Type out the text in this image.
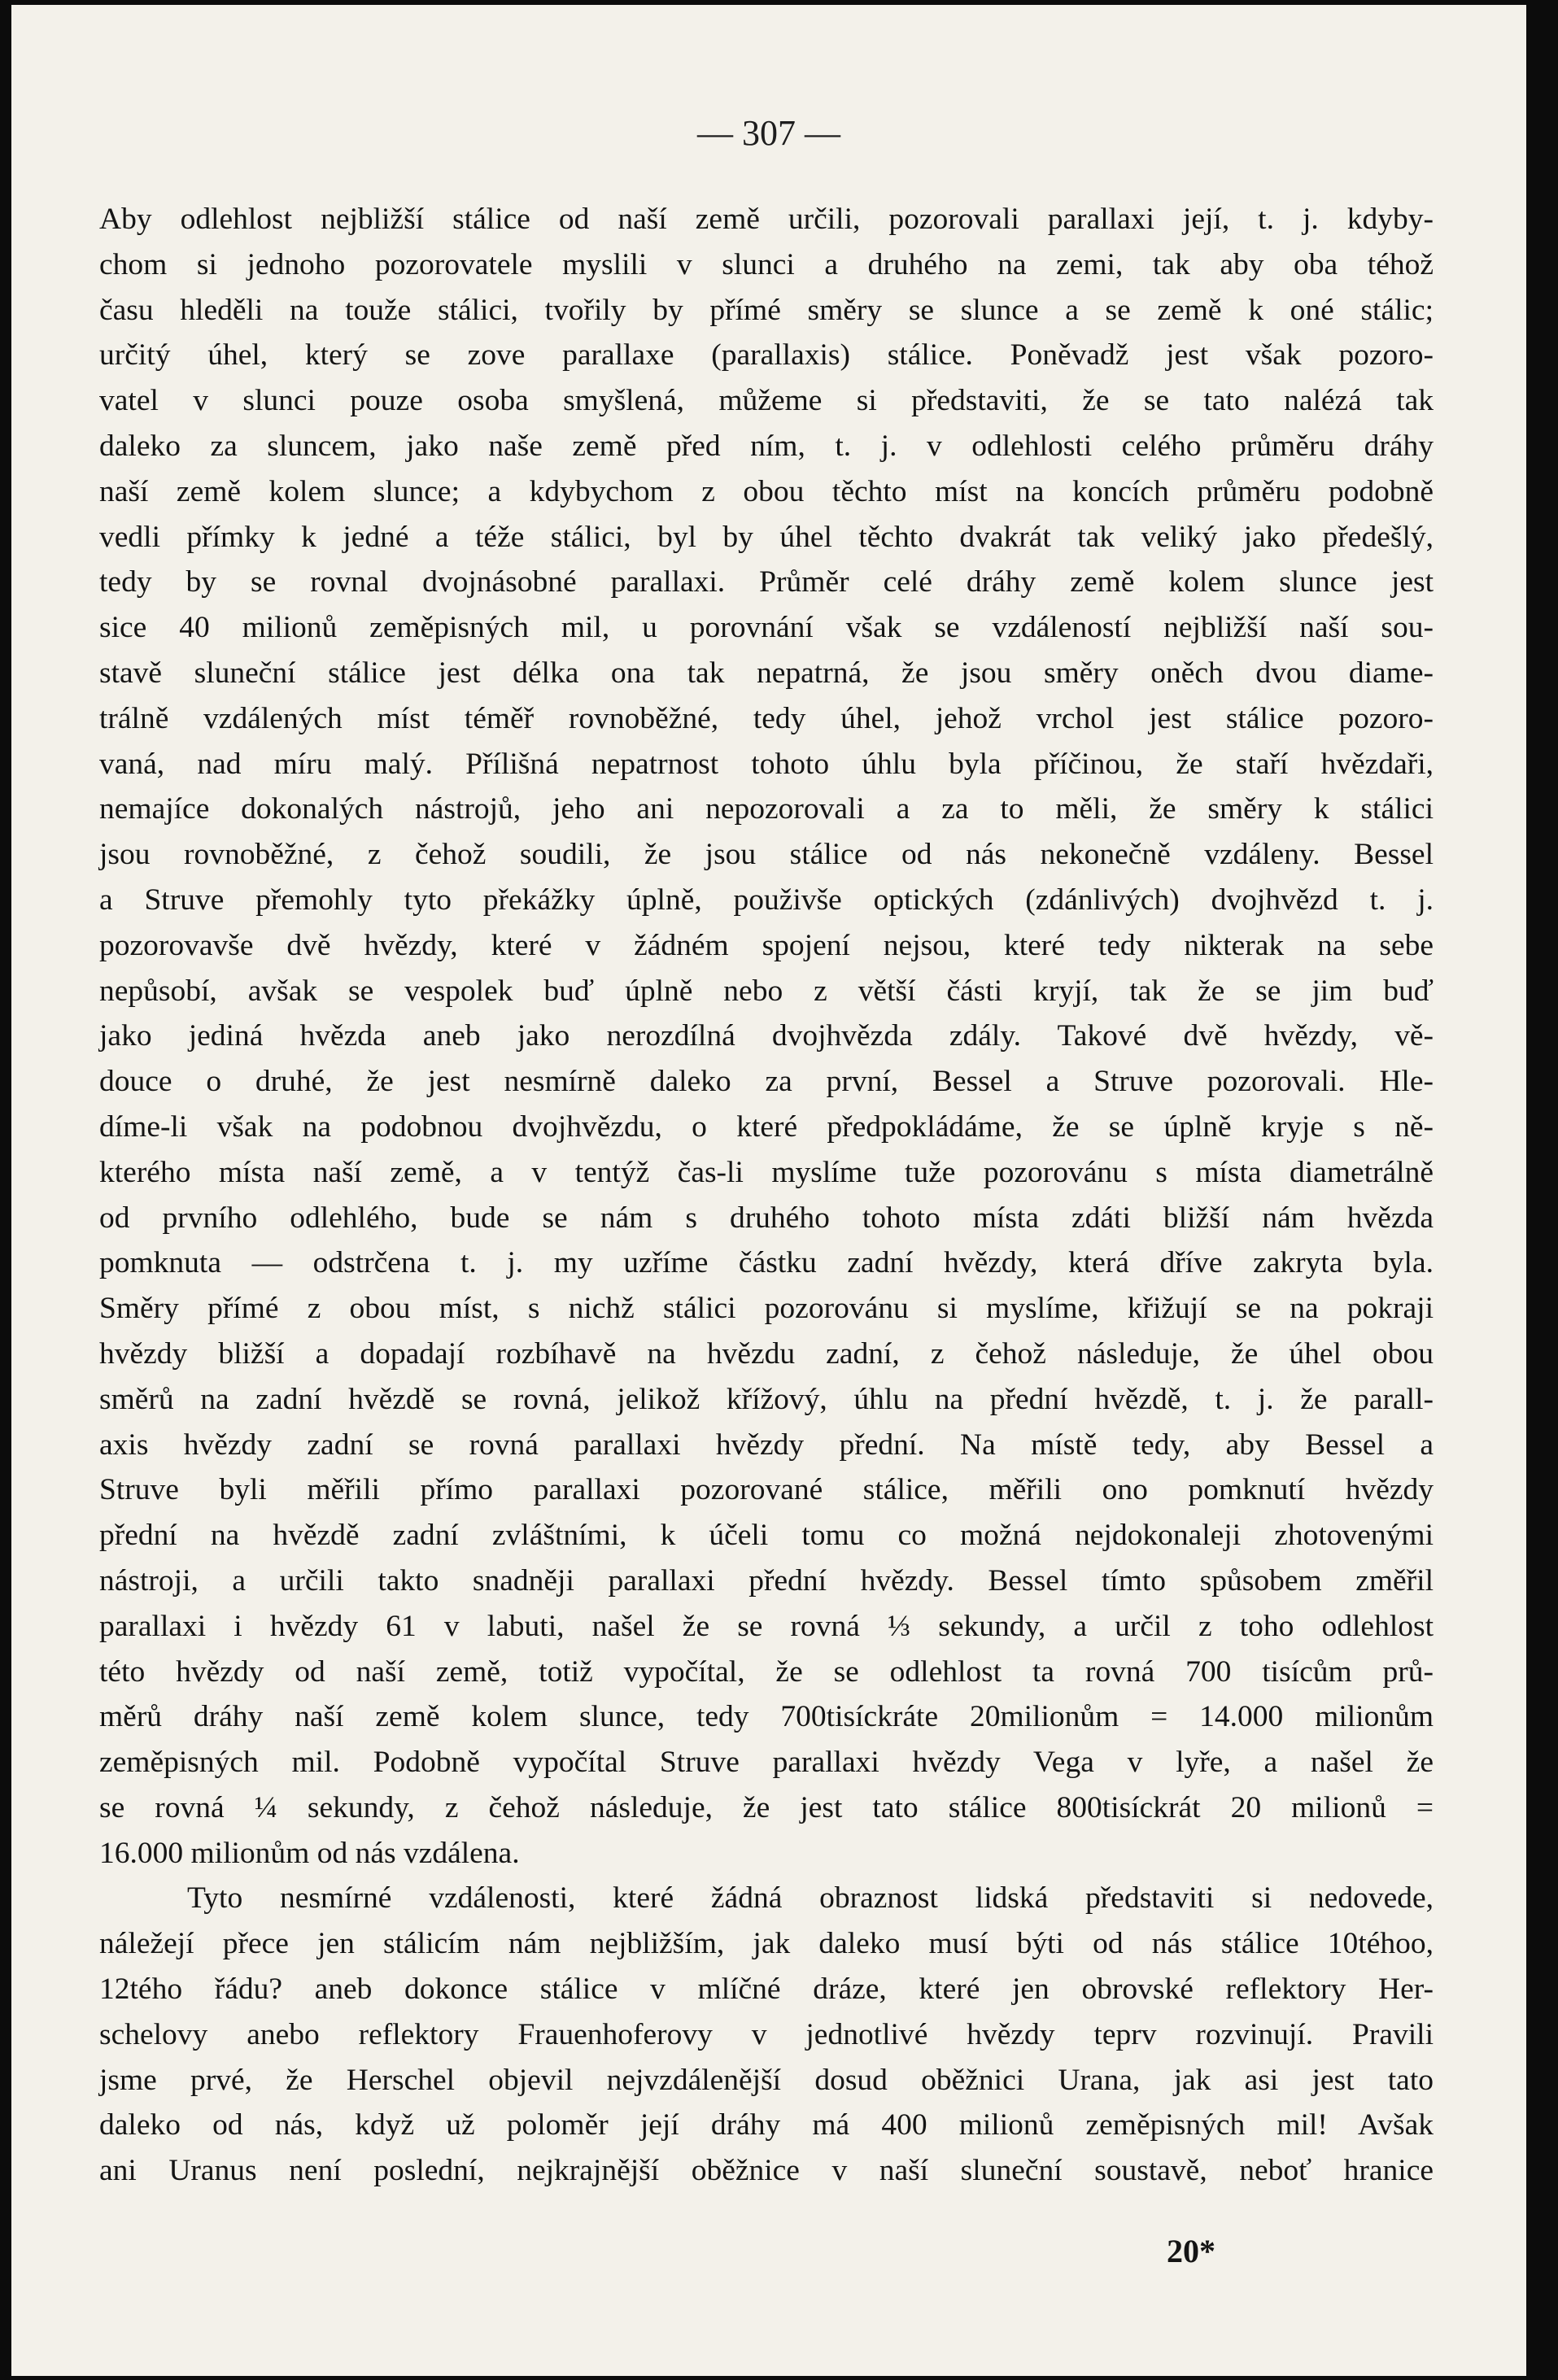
— 307 —
Aby odlehlost nejbližší stálice od naší země určili, pozorovali parallaxi její, t. j. kdyby-
chom si jednoho pozorovatele myslili v slunci a druhého na zemi, tak aby oba téhož
času hleděli na touže stálici, tvořily by přímé směry se slunce a se země k oné stálic;
určitý úhel, který se zove parallaxe (parallaxis) stálice. Poněvadž jest však pozoro-
vatel v slunci pouze osoba smyšlená, můžeme si představiti, že se tato nalézá tak
daleko za sluncem, jako naše země před ním, t. j. v odlehlosti celého průměru dráhy
naší země kolem slunce; a kdybychom z obou těchto míst na koncích průměru podobně
vedli přímky k jedné a téže stálici, byl by úhel těchto dvakrát tak veliký jako předešlý,
tedy by se rovnal dvojnásobné parallaxi. Průměr celé dráhy země kolem slunce jest
sice 40 milionů zeměpisných mil, u porovnání však se vzdáleností nejbližší naší sou-
stavě sluneční stálice jest délka ona tak nepatrná, že jsou směry oněch dvou diame-
trálně vzdálených míst téměř rovnoběžné, tedy úhel, jehož vrchol jest stálice pozoro-
vaná, nad míru malý. Přílišná nepatrnost tohoto úhlu byla příčinou, že staří hvězdaři,
nemajíce dokonalých nástrojů, jeho ani nepozorovali a za to měli, že směry k stálici
jsou rovnoběžné, z čehož soudili, že jsou stálice od nás nekonečně vzdáleny. Bessel
a Struve přemohly tyto překážky úplně, použivše optických (zdánlivých) dvojhvězd t. j.
pozorovavše dvě hvězdy, které v žádném spojení nejsou, které tedy nikterak na sebe
nepůsobí, avšak se vespolek buď úplně nebo z větší části kryjí, tak že se jim buď
jako jediná hvězda aneb jako nerozdílná dvojhvězda zdály. Takové dvě hvězdy, vě-
douce o druhé, že jest nesmírně daleko za první, Bessel a Struve pozorovali. Hle-
díme-li však na podobnou dvojhvězdu, o které předpokládáme, že se úplně kryje s ně-
kterého místa naší země, a v tentýž čas-li myslíme tuže pozorovánu s místa diametrálně
od prvního odlehlého, bude se nám s druhého tohoto místa zdáti bližší nám hvězda
pomknuta — odstrčena t. j. my uzříme částku zadní hvězdy, která dříve zakryta byla.
Směry přímé z obou míst, s nichž stálici pozorovánu si myslíme, křižují se na pokraji
hvězdy bližší a dopadají rozbíhavě na hvězdu zadní, z čehož následuje, že úhel obou
směrů na zadní hvězdě se rovná, jelikož křížový, úhlu na přední hvězdě, t. j. že parall-
axis hvězdy zadní se rovná parallaxi hvězdy přední. Na místě tedy, aby Bessel a
Struve byli měřili přímo parallaxi pozorované stálice, měřili ono pomknutí hvězdy
přední na hvězdě zadní zvláštními, k účeli tomu co možná nejdokonaleji zhotovenými
nástroji, a určili takto snadněji parallaxi přední hvězdy. Bessel tímto spůsobem změřil
parallaxi i hvězdy 61 v labuti, našel že se rovná ⅓ sekundy, a určil z toho odlehlost
této hvězdy od naší země, totiž vypočítal, že se odlehlost ta rovná 700 tisícům prů-
měrů dráhy naší země kolem slunce, tedy 700tisíckráte 20milionům = 14.000 milionům
zeměpisných mil. Podobně vypočítal Struve parallaxi hvězdy Vega v lyře, a našel že
se rovná ¼ sekundy, z čehož následuje, že jest tato stálice 800tisíckrát 20 milionů =
16.000 milionům od nás vzdálena.
Tyto nesmírné vzdálenosti, které žádná obraznost lidská představiti si nedovede,
náležejí přece jen stálicím nám nejbližším, jak daleko musí býti od nás stálice 10téhoo,
12tého řádu? aneb dokonce stálice v mlíčné dráze, které jen obrovské reflektory Her-
schelovy anebo reflektory Frauenhoferovy v jednotlivé hvězdy teprv rozvinují. Pravili
jsme prvé, že Herschel objevil nejvzdálenější dosud oběžnici Urana, jak asi jest tato
daleko od nás, když už poloměr její dráhy má 400 milionů zeměpisných mil! Avšak
ani Uranus není poslední, nejkrajnější oběžnice v naší sluneční soustavě, neboť hranice
20*
